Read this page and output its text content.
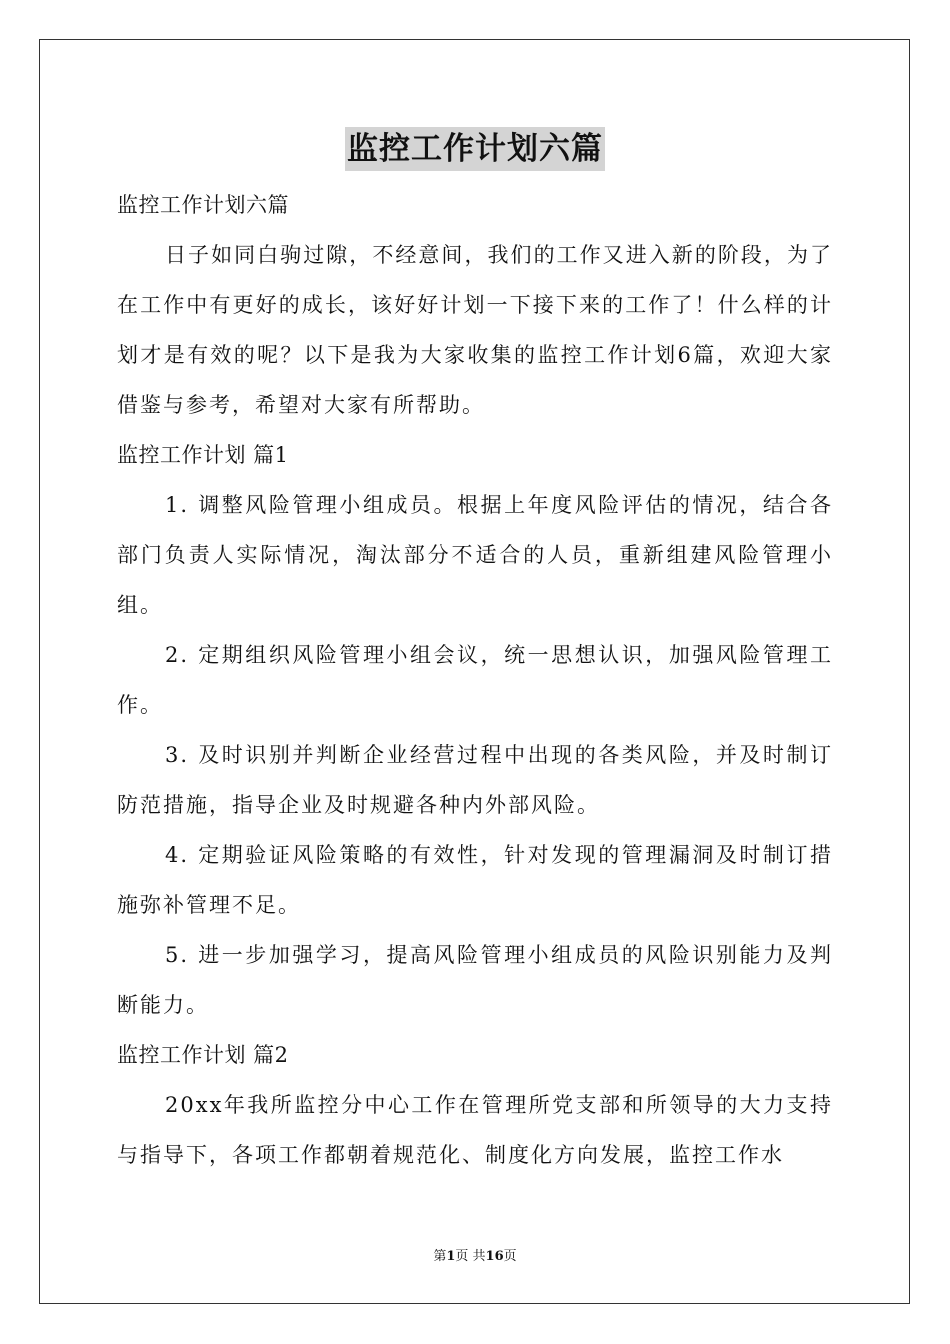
监控工作计划六篇
监控工作计划六篇
日子如同白驹过隙，不经意间，我们的工作又进入新的阶段，为了在工作中有更好的成长，该好好计划一下接下来的工作了！什么样的计划才是有效的呢？以下是我为大家收集的监控工作计划6篇，欢迎大家借鉴与参考，希望对大家有所帮助。
监控工作计划 篇1
1. 调整风险管理小组成员。根据上年度风险评估的情况，结合各部门负责人实际情况，淘汰部分不适合的人员，重新组建风险管理小组。
2. 定期组织风险管理小组会议，统一思想认识，加强风险管理工作。
3. 及时识别并判断企业经营过程中出现的各类风险，并及时制订防范措施，指导企业及时规避各种内外部风险。
4. 定期验证风险策略的有效性，针对发现的管理漏洞及时制订措施弥补管理不足。
5. 进一步加强学习，提高风险管理小组成员的风险识别能力及判断能力。
监控工作计划 篇2
20xx年我所监控分中心工作在管理所党支部和所领导的大力支持与指导下，各项工作都朝着规范化、制度化方向发展，监控工作水
第1页 共16页
